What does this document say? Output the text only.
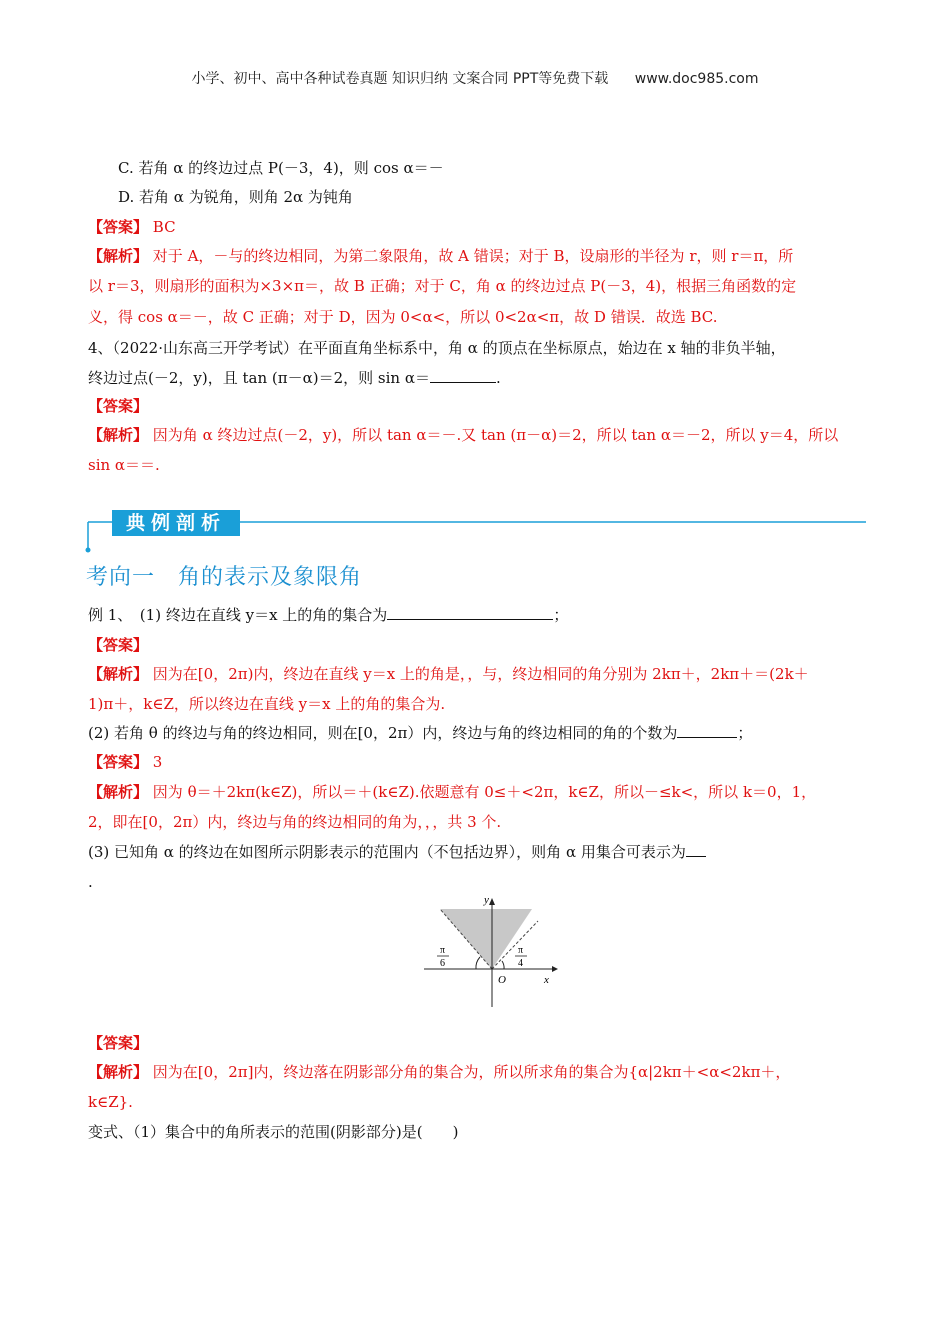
小学、初中、高中各种试卷真题 知识归纳 文案合同 PPT等免费下载 www.doc985.com
C. 若角 α 的终边过点 P(－3，4)，则 cos α＝－
D. 若角 α 为锐角，则角 2α 为钝角
【答案】 BC
【解析】 对于 A，－与的终边相同，为第二象限角，故 A 错误；对于 B，设扇形的半径为 r，则 r＝π，所
以 r＝3，则扇形的面积为×3×π＝，故 B 正确；对于 C，角 α 的终边过点 P(－3，4)，根据三角函数的定
义，得 cos α＝－，故 C 正确；对于 D，因为 0<α<，所以 0<2α<π，故 D 错误．故选 BC.
4、（2022·山东高三开学考试）在平面直角坐标系中，角 α 的顶点在坐标原点，始边在 x 轴的非负半轴，
终边过点(－2，y)，且 tan (π－α)＝2，则 sin α＝	.
【答案】
【解析】 因为角 α 终边过点(－2，y)，所以 tan α＝－.又 tan (π－α)＝2，所以 tan α＝－2，所以 y＝4，所以
sin α＝＝.
典例剖析
考向一　角的表示及象限角
例 1、　(1) 终边在直线 y＝x 上的角的集合为	；
【答案】
【解析】 因为在[0，2π)内，终边在直线 y＝x 上的角是，，与，终边相同的角分别为 2kπ＋，2kπ＋＝(2k＋
1)π＋，k∈Z，所以终边在直线 y＝x 上的角的集合为.
(2) 若角 θ 的终边与角的终边相同，则在[0，2π）内，终边与角的终边相同的角的个数为	；
【答案】 3
【解析】 因为 θ＝＋2kπ(k∈Z)，所以＝＋(k∈Z).依题意有 0≤＋<2π，k∈Z，所以－≤k<，所以 k＝0，1，
2，即在[0，2π）内，终边与角的终边相同的角为，，，共 3 个.
(3) 已知角 α 的终边在如图所示阴影表示的范围内（不包括边界），则角 α 用集合可表示为
.
y
x
O
π
6
π
4
【答案】
【解析】 因为在[0，2π]内，终边落在阴影部分角的集合为，所以所求角的集合为{α|2kπ＋<α<2kπ＋，
k∈Z}.
变式、（1）集合中的角所表示的范围(阴影部分)是(　　)
